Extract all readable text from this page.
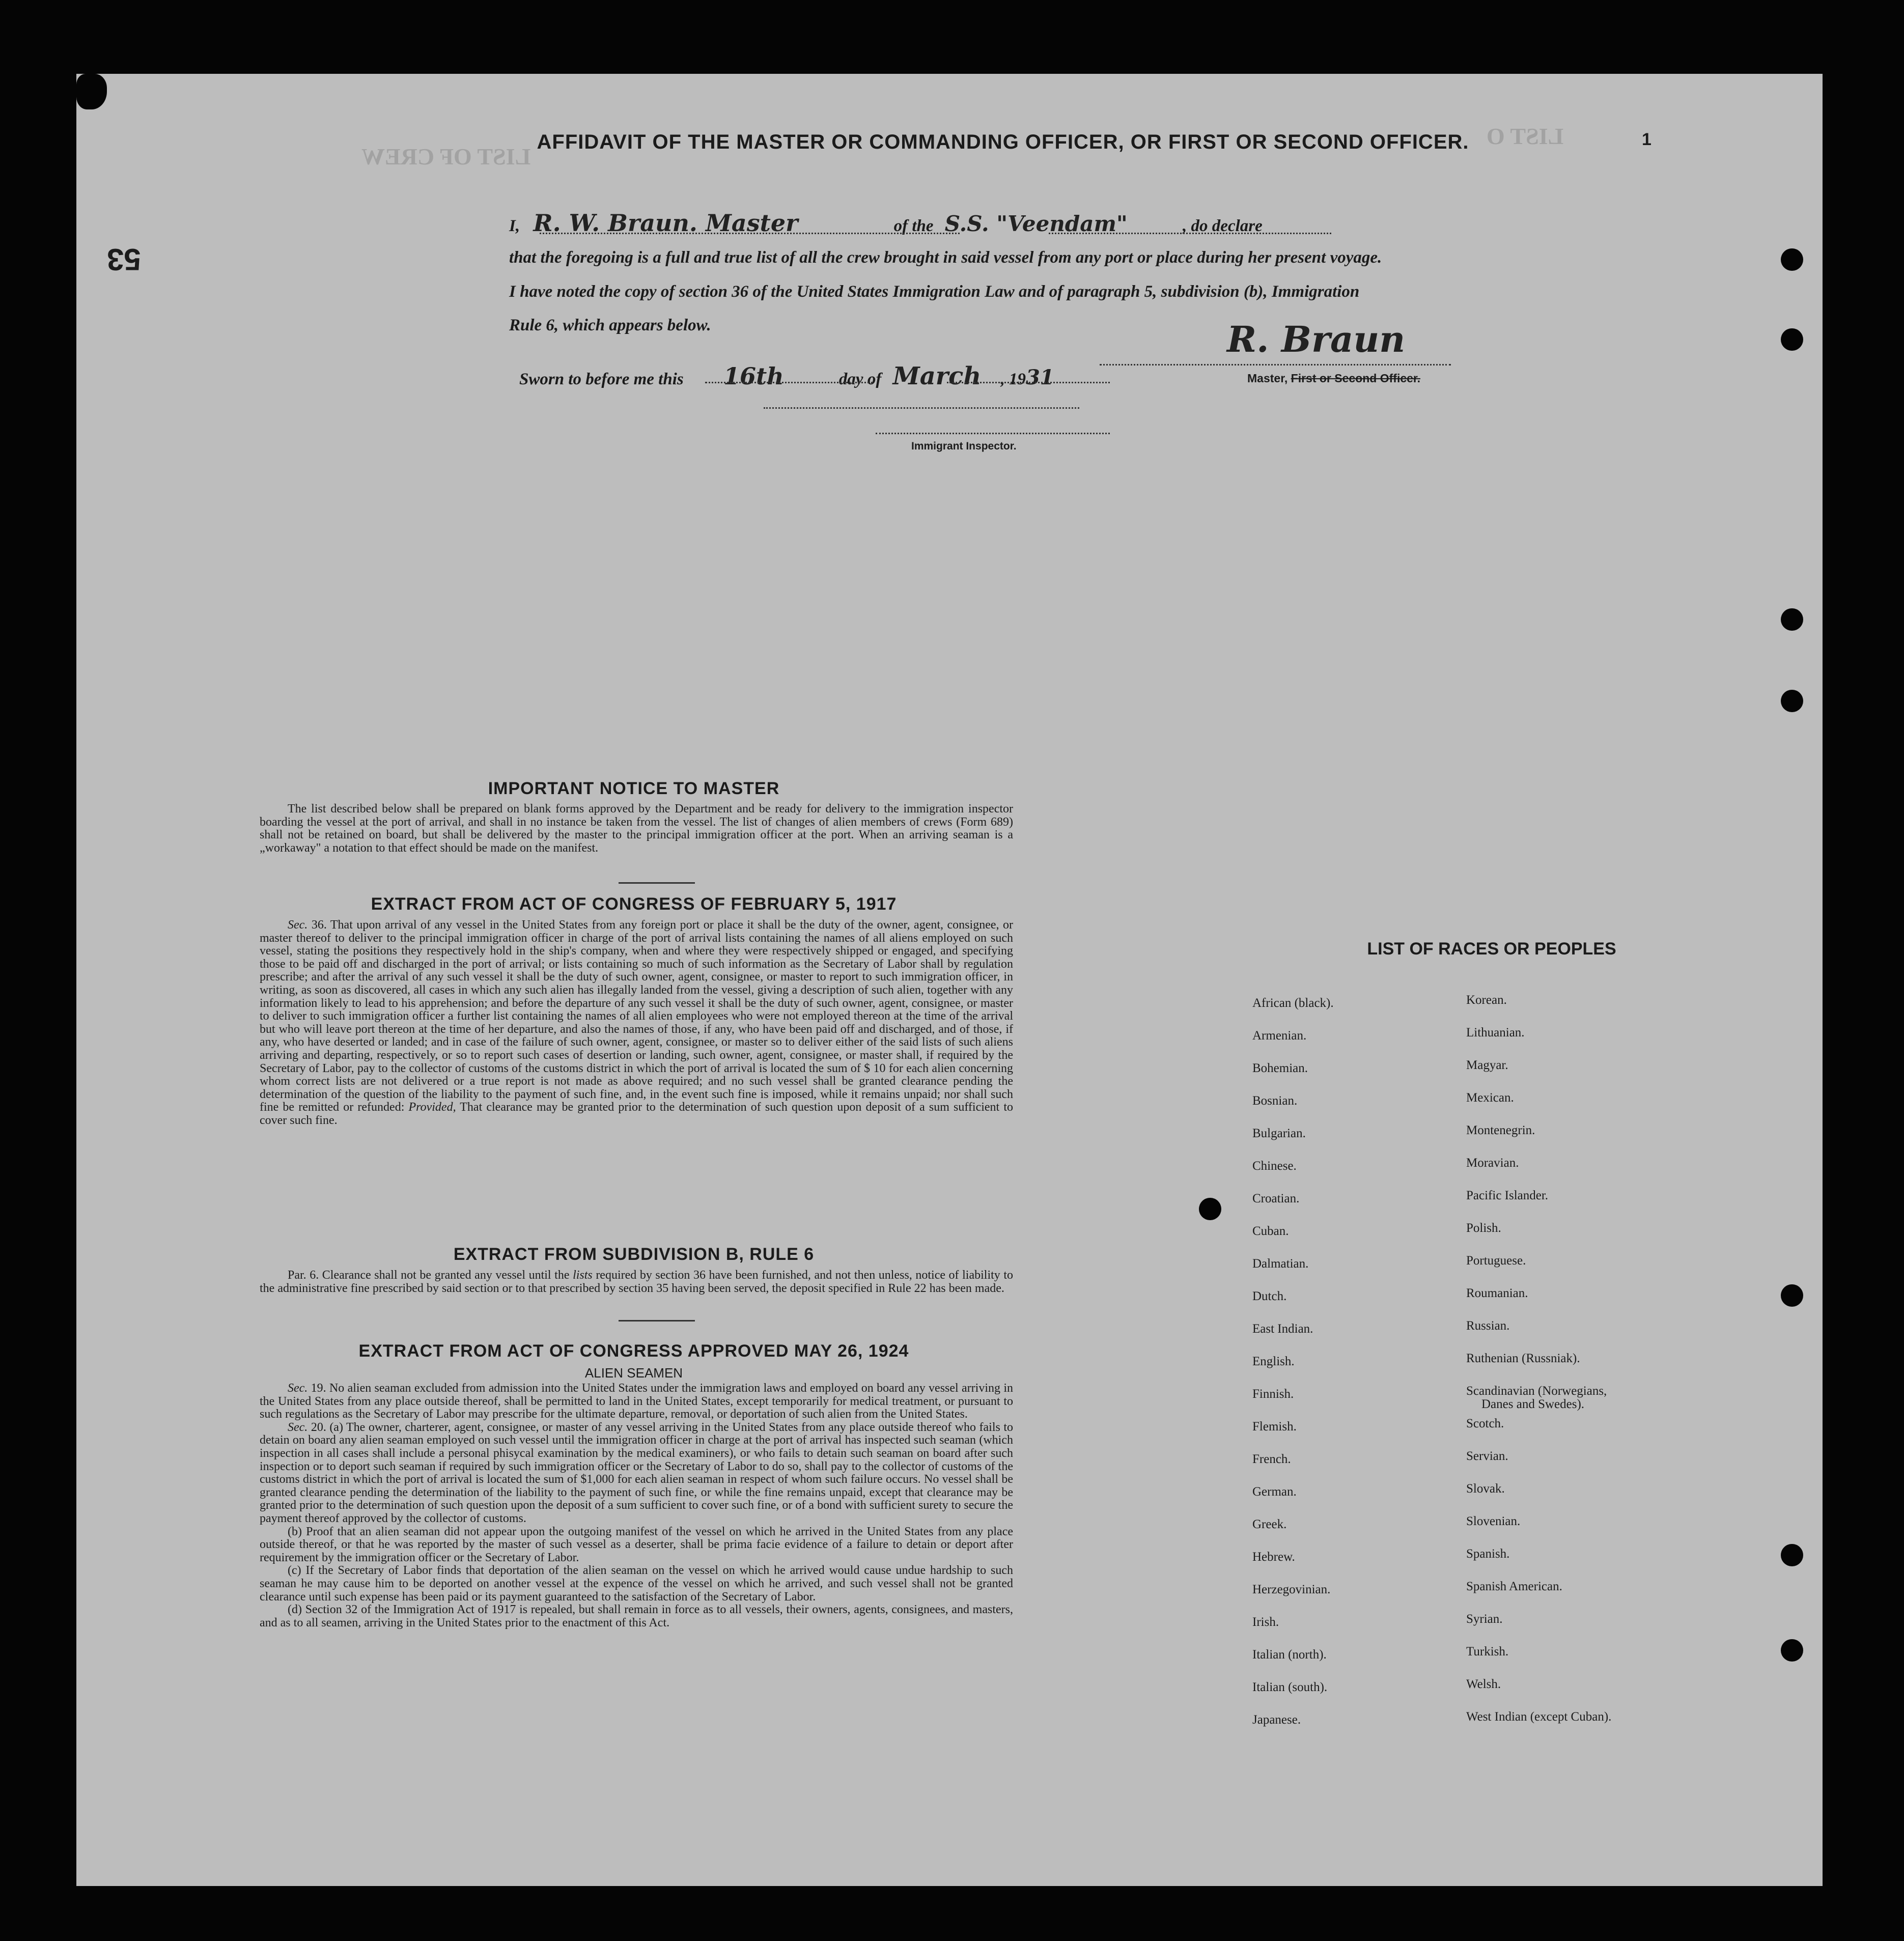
LIST OF CREW
LIST O
53
1
AFFIDAVIT OF THE MASTER OR COMMANDING OFFICER, OR FIRST OR SECOND OFFICER.
I, R. W. Braun. Master	of the S.S. "Veendam"	, do declare
that the foregoing is a full and true list of all the crew brought in said vessel from any port or place during her present voyage.
I have noted the copy of section 36 of the United States Immigration Law and of paragraph 5, subdivision (b), Immigration
Rule 6, which appears below.	R. Braun
Master, First or Second Officer.
Sworn to before me this 16th	day of March , 1931
Immigrant Inspector.
IMPORTANT NOTICE TO MASTER
The list described below shall be prepared on blank forms approved by the Department and be ready for delivery to the immigration inspector boarding the vessel at the port of arrival, and shall in no instance be taken from the vessel. The list of changes of alien members of crews (Form 689) shall not be retained on board, but shall be delivered by the master to the principal immigration officer at the port. When an arriving seaman is a „workaway" a notation to that effect should be made on the manifest.
EXTRACT FROM ACT OF CONGRESS OF FEBRUARY 5, 1917
Sec. 36. That upon arrival of any vessel in the United States from any foreign port or place it shall be the duty of the owner, agent, consignee, or master thereof to deliver to the principal immigration officer in charge of the port of arrival lists containing the names of all aliens employed on such vessel, stating the positions they respectively hold in the ship's company, when and where they were respectively shipped or engaged, and specifying those to be paid off and discharged in the port of arrival; or lists containing so much of such information as the Secretary of Labor shall by regulation prescribe; and after the arrival of any such vessel it shall be the duty of such owner, agent, consignee, or master to report to such immigration officer, in writing, as soon as discovered, all cases in which any such alien has illegally landed from the vessel, giving a description of such alien, together with any information likely to lead to his apprehension; and before the departure of any such vessel it shall be the duty of such owner, agent, consignee, or master to deliver to such immigration officer a further list containing the names of all alien employees who were not employed thereon at the time of the arrival but who will leave port thereon at the time of her departure, and also the names of those, if any, who have been paid off and discharged, and of those, if any, who have deserted or landed; and in case of the failure of such owner, agent, consignee, or master so to deliver either of the said lists of such aliens arriving and departing, respectively, or so to report such cases of desertion or landing, such owner, agent, consignee, or master shall, if required by the Secretary of Labor, pay to the collector of customs of the customs district in which the port of arrival is located the sum of $ 10 for each alien concerning whom correct lists are not delivered or a true report is not made as above required; and no such vessel shall be granted clearance pending the determination of the question of the liability to the payment of such fine, and, in the event such fine is imposed, while it remains unpaid; nor shall such fine be remitted or refunded: Provided, That clearance may be granted prior to the determination of such question upon deposit of a sum sufficient to cover such fine.
EXTRACT FROM SUBDIVISION B, RULE 6
Par. 6. Clearance shall not be granted any vessel until the lists required by section 36 have been furnished, and not then unless, notice of liability to the administrative fine prescribed by said section or to that prescribed by section 35 having been served, the deposit specified in Rule 22 has been made.
EXTRACT FROM ACT OF CONGRESS APPROVED MAY 26, 1924
ALIEN SEAMEN
Sec. 19. No alien seaman excluded from admission into the United States under the immigration laws and employed on board any vessel arriving in the United States from any place outside thereof, shall be permitted to land in the United States, except temporarily for medical treatment, or pursuant to such regulations as the Secretary of Labor may prescribe for the ultimate departure, removal, or deportation of such alien from the United States.
Sec. 20. (a) The owner, charterer, agent, consignee, or master of any vessel arriving in the United States from any place outside thereof who fails to detain on board any alien seaman employed on such vessel until the immigration officer in charge at the port of arrival has inspected such seaman (which inspection in all cases shall include a personal phisycal examination by the medical examiners), or who fails to detain such seaman on board after such inspection or to deport such seaman if required by such immigration officer or the Secretary of Labor to do so, shall pay to the collector of customs of the customs district in which the port of arrival is located the sum of $1,000 for each alien seaman in respect of whom such failure occurs. No vessel shall be granted clearance pending the determination of the liability to the payment of such fine, or while the fine remains unpaid, except that clearance may be granted prior to the determination of such question upon the deposit of a sum sufficient to cover such fine, or of a bond with sufficient surety to secure the payment thereof approved by the collector of customs.
(b) Proof that an alien seaman did not appear upon the outgoing manifest of the vessel on which he arrived in the United States from any place outside thereof, or that he was reported by the master of such vessel as a deserter, shall be prima facie evidence of a failure to detain or deport after requirement by the immigration officer or the Secretary of Labor.
(c) If the Secretary of Labor finds that deportation of the alien seaman on the vessel on which he arrived would cause undue hardship to such seaman he may cause him to be deported on another vessel at the expence of the vessel on which he arrived, and such vessel shall not be granted clearance until such expense has been paid or its payment guaranteed to the satisfaction of the Secretary of Labor.
(d) Section 32 of the Immigration Act of 1917 is repealed, but shall remain in force as to all vessels, their owners, agents, consignees, and masters, and as to all seamen, arriving in the United States prior to the enactment of this Act.
LIST OF RACES OR PEOPLES
African (black).
Armenian.
Bohemian.
Bosnian.
Bulgarian.
Chinese.
Croatian.
Cuban.
Dalmatian.
Dutch.
East Indian.
English.
Finnish.
Flemish.
French.
German.
Greek.
Hebrew.
Herzegovinian.
Irish.
Italian (north).
Italian (south).
Japanese.
Korean.
Lithuanian.
Magyar.
Mexican.
Montenegrin.
Moravian.
Pacific Islander.
Polish.
Portuguese.
Roumanian.
Russian.
Ruthenian (Russniak).
Scandinavian (Norwegians,
Danes and Swedes).
Scotch.
Servian.
Slovak.
Slovenian.
Spanish.
Spanish American.
Syrian.
Turkish.
Welsh.
West Indian (except Cuban).
